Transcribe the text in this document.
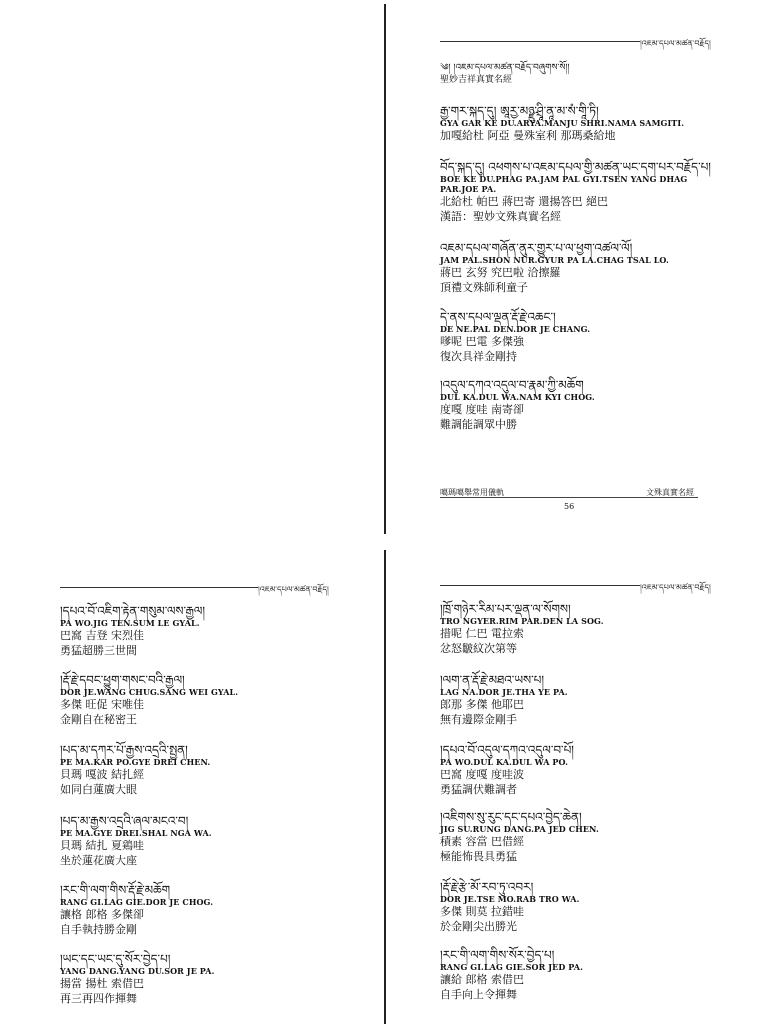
།འཇམ་དཔལ་མཚན་བརྗོད།
༄། །འཇམ་དཔལ་མཚན་བརྗོད་བཞུགས་སོ།།
聖妙吉祥真實名經
རྒྱ་གར་སྐད་དུ། ཨཱརྱ་མཉྫུ་ཤྲཱི་ནཱ་མ་སཾ་གཱི་ཏི།
GYA GAR KE DU.ARYA.MANJU SHRI.NAMA SAMGITI.
加嘎給杜 阿亞 曼殊室利 那瑪桑給地
བོད་སྐད་དུ། འཕགས་པ་འཇམ་དཔལ་གྱི་མཚན་ཡང་དག་པར་བརྗོད་པ།
BOE KE DU.PHAG PA.JAM PAL GYI.TSEN YANG DHAG
PAR.JOE PA.
北給杜 帕巴 蔣巴寄 還揚答巴 絕巴
漢語：聖妙文殊真實名經
འཇམ་དཔལ་གཞོན་ནུར་གྱུར་པ་ལ་ཕྱག་འཚལ་ལོ།
JAM PAL.SHON NUR.GYUR PA LA.CHAG TSAL LO.
蔣巴 玄努 究巴啦 洽擦羅
頂禮文殊師利童子
དེ་ནས་དཔལ་ལྡན་རྡོ་རྗེ་འཆང་།
DE NE.PAL DEN.DOR JE CHANG.
嗲呢 巴電 多傑強
復次具祥金剛持
།འདུལ་དཀའ་འདུལ་བ་རྣམ་ཀྱི་མཆོག
DUL KA.DUL WA.NAM KYI CHOG.
度嘎 度哇 南寄卻
難調能調眾中勝
噶瑪噶舉常用儀軌	文殊真實名經
56
།འཇམ་དཔལ་མཚན་བརྗོད།
།དཔའ་བོ་འཇིག་རྟེན་གསུམ་ལས་རྒྱལ།
PA WO.JIG TEN.SUM LE GYAL.
巴窩 吉登 宋烈佳
勇猛超勝三世間
།རྡོ་རྗེ་དབང་ཕྱུག་གསང་བའི་རྒྱལ།
DOR JE.WANG CHUG.SANG WEI GYAL.
多傑 旺促 宋唯佳
金剛自在秘密王
།པད་མ་དཀར་པོ་རྒྱས་འདྲའི་སྤྱན།
PE MA.KAR PO.GYE DREI CHEN.
貝瑪 嘎波 結扎經
如同白蓮廣大眼
།པད་མ་རྒྱས་འདྲའི་ཞལ་མངའ་བ།
PE MA.GYE DREI.SHAL NGA WA.
貝瑪 結扎 夏鶏哇
坐於蓮花廣大座
།རང་གི་ལག་གིས་རྡོ་རྗེ་མཆོག
RANG GI.LAG GIE.DOR JE CHOG.
讓格 郎格 多傑卻
自手執持勝金剛
།ཡང་དང་ཡང་དུ་སོར་བྱེད་པ།
YANG DANG.YANG DU.SOR JE PA.
揚當 揚杜 索借巴
再三再四作揮舞
།འཇམ་དཔལ་མཚན་བརྗོད།
།ཁྲོ་གཉེར་རིམ་པར་ལྡན་ལ་སོགས།
TRO NGYER.RIM PAR.DEN LA SOG.
措呢 仁巴 電拉索
忿怒皺紋次第等
།ལག་ན་རྡོ་རྗེ་མཐའ་ཡས་པ།
LAG NA.DOR JE.THA YE PA.
郎那 多傑 他耶巴
無有邊際金剛手
།དཔའ་བོ་འདུལ་དཀའ་འདུལ་བ་པོ།
PA WO.DUL KA.DUL WA PO.
巴窩 度嘎 度哇波
勇猛調伏難調者
།འཇིགས་སུ་རུང་དང་དཔའ་བྱེད་ཆེན།
JIG SU.RUNG DANG.PA JED CHEN.
積素 容當 巴借經
極能怖畏具勇猛
།རྡོ་རྗེ་རྩེ་མོ་རབ་ཏུ་འབར།
DOR JE.TSE MO.RAB TRO WA.
多傑 則莫 拉錯哇
於金剛尖出勝光
།རང་གི་ལག་གིས་སོར་བྱེད་པ།
RANG GI.LAG GIE.SOR JED PA.
讓給 郎格 索借巴
自手向上令揮舞
